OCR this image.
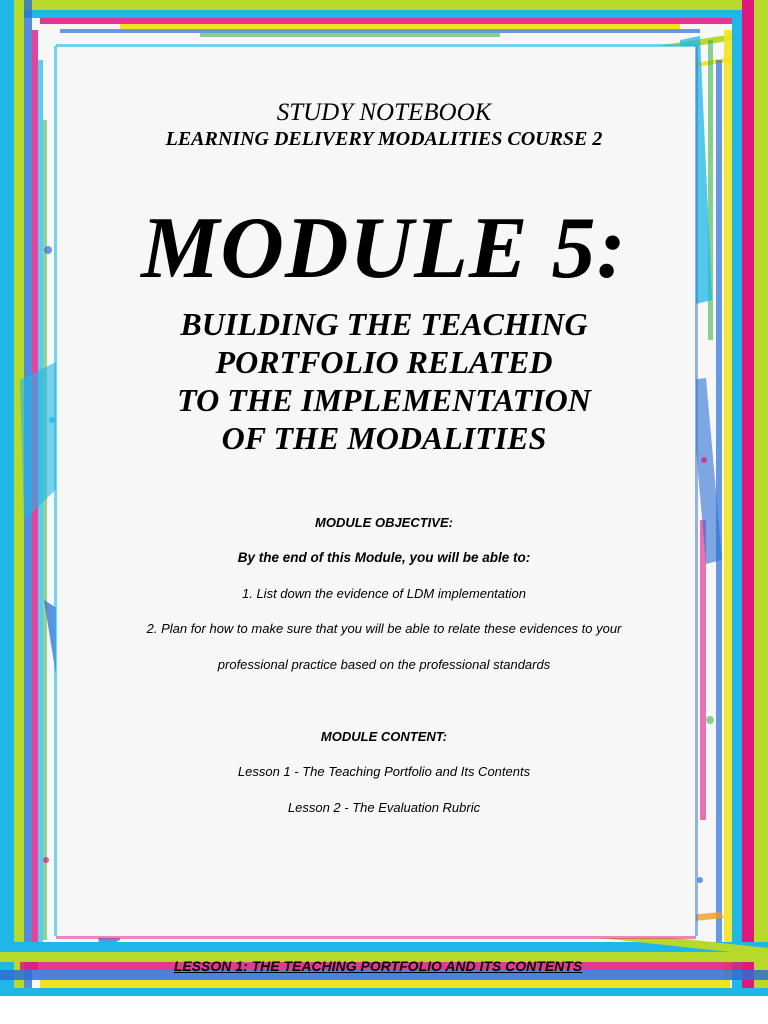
STUDY NOTEBOOK
LEARNING DELIVERY MODALITIES COURSE 2
MODULE 5:
BUILDING THE TEACHING
PORTFOLIO RELATED
TO THE IMPLEMENTATION
OF THE MODALITIES
MODULE OBJECTIVE:
By the end of this Module, you will be able to:
1. List down the evidence of LDM implementation
2. Plan for how to make sure that you will be able to relate these evidences to your
professional practice based on the professional standards
MODULE CONTENT:
Lesson 1 - The Teaching Portfolio and Its Contents
Lesson 2 - The Evaluation Rubric
LESSON 1: THE TEACHING PORTFOLIO AND ITS CONTENTS
